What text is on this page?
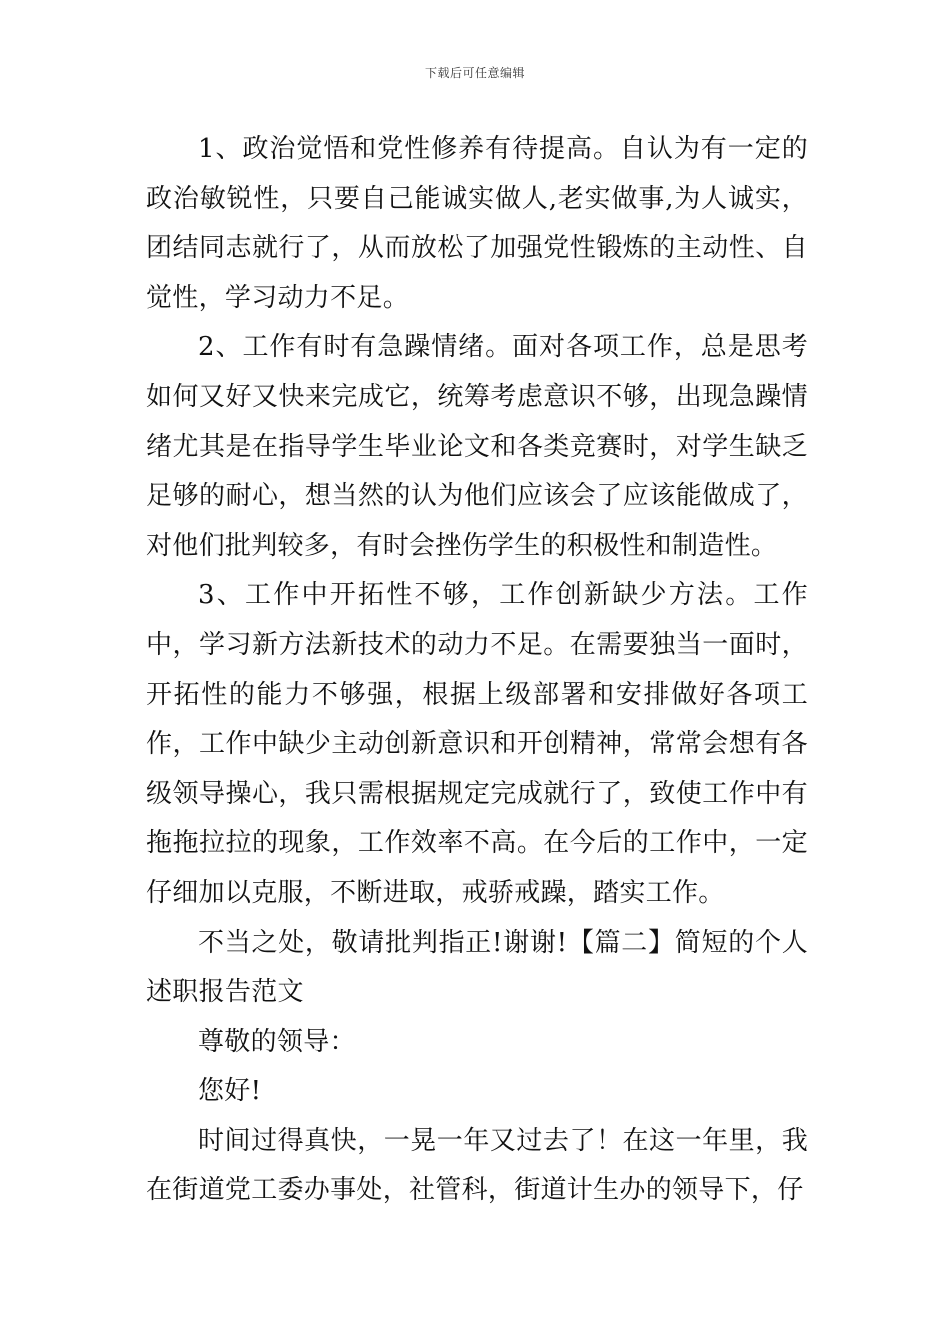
下载后可任意编辑

1、政治觉悟和党性修养有待提高。自认为有一定的政治敏锐性，只要自己能诚实做人,老实做事,为人诚实，团结同志就行了，从而放松了加强党性锻炼的主动性、自觉性，学习动力不足。

2、工作有时有急躁情绪。面对各项工作，总是思考如何又好又快来完成它，统筹考虑意识不够，出现急躁情绪尤其是在指导学生毕业论文和各类竞赛时，对学生缺乏足够的耐心，想当然的认为他们应该会了应该能做成了，对他们批判较多，有时会挫伤学生的积极性和制造性。

3、工作中开拓性不够，工作创新缺少方法。工作中，学习新方法新技术的动力不足。在需要独当一面时，开拓性的能力不够强，根据上级部署和安排做好各项工作，工作中缺少主动创新意识和开创精神，常常会想有各级领导操心，我只需根据规定完成就行了，致使工作中有拖拖拉拉的现象，工作效率不高。在今后的工作中，一定仔细加以克服，不断进取，戒骄戒躁，踏实工作。

不当之处，敬请批判指正!谢谢!【篇二】简短的个人述职报告范文

尊敬的领导：

您好!

时间过得真快，一晃一年又过去了！在这一年里，我在街道党工委办事处，社管科，街道计生办的领导下，仔
